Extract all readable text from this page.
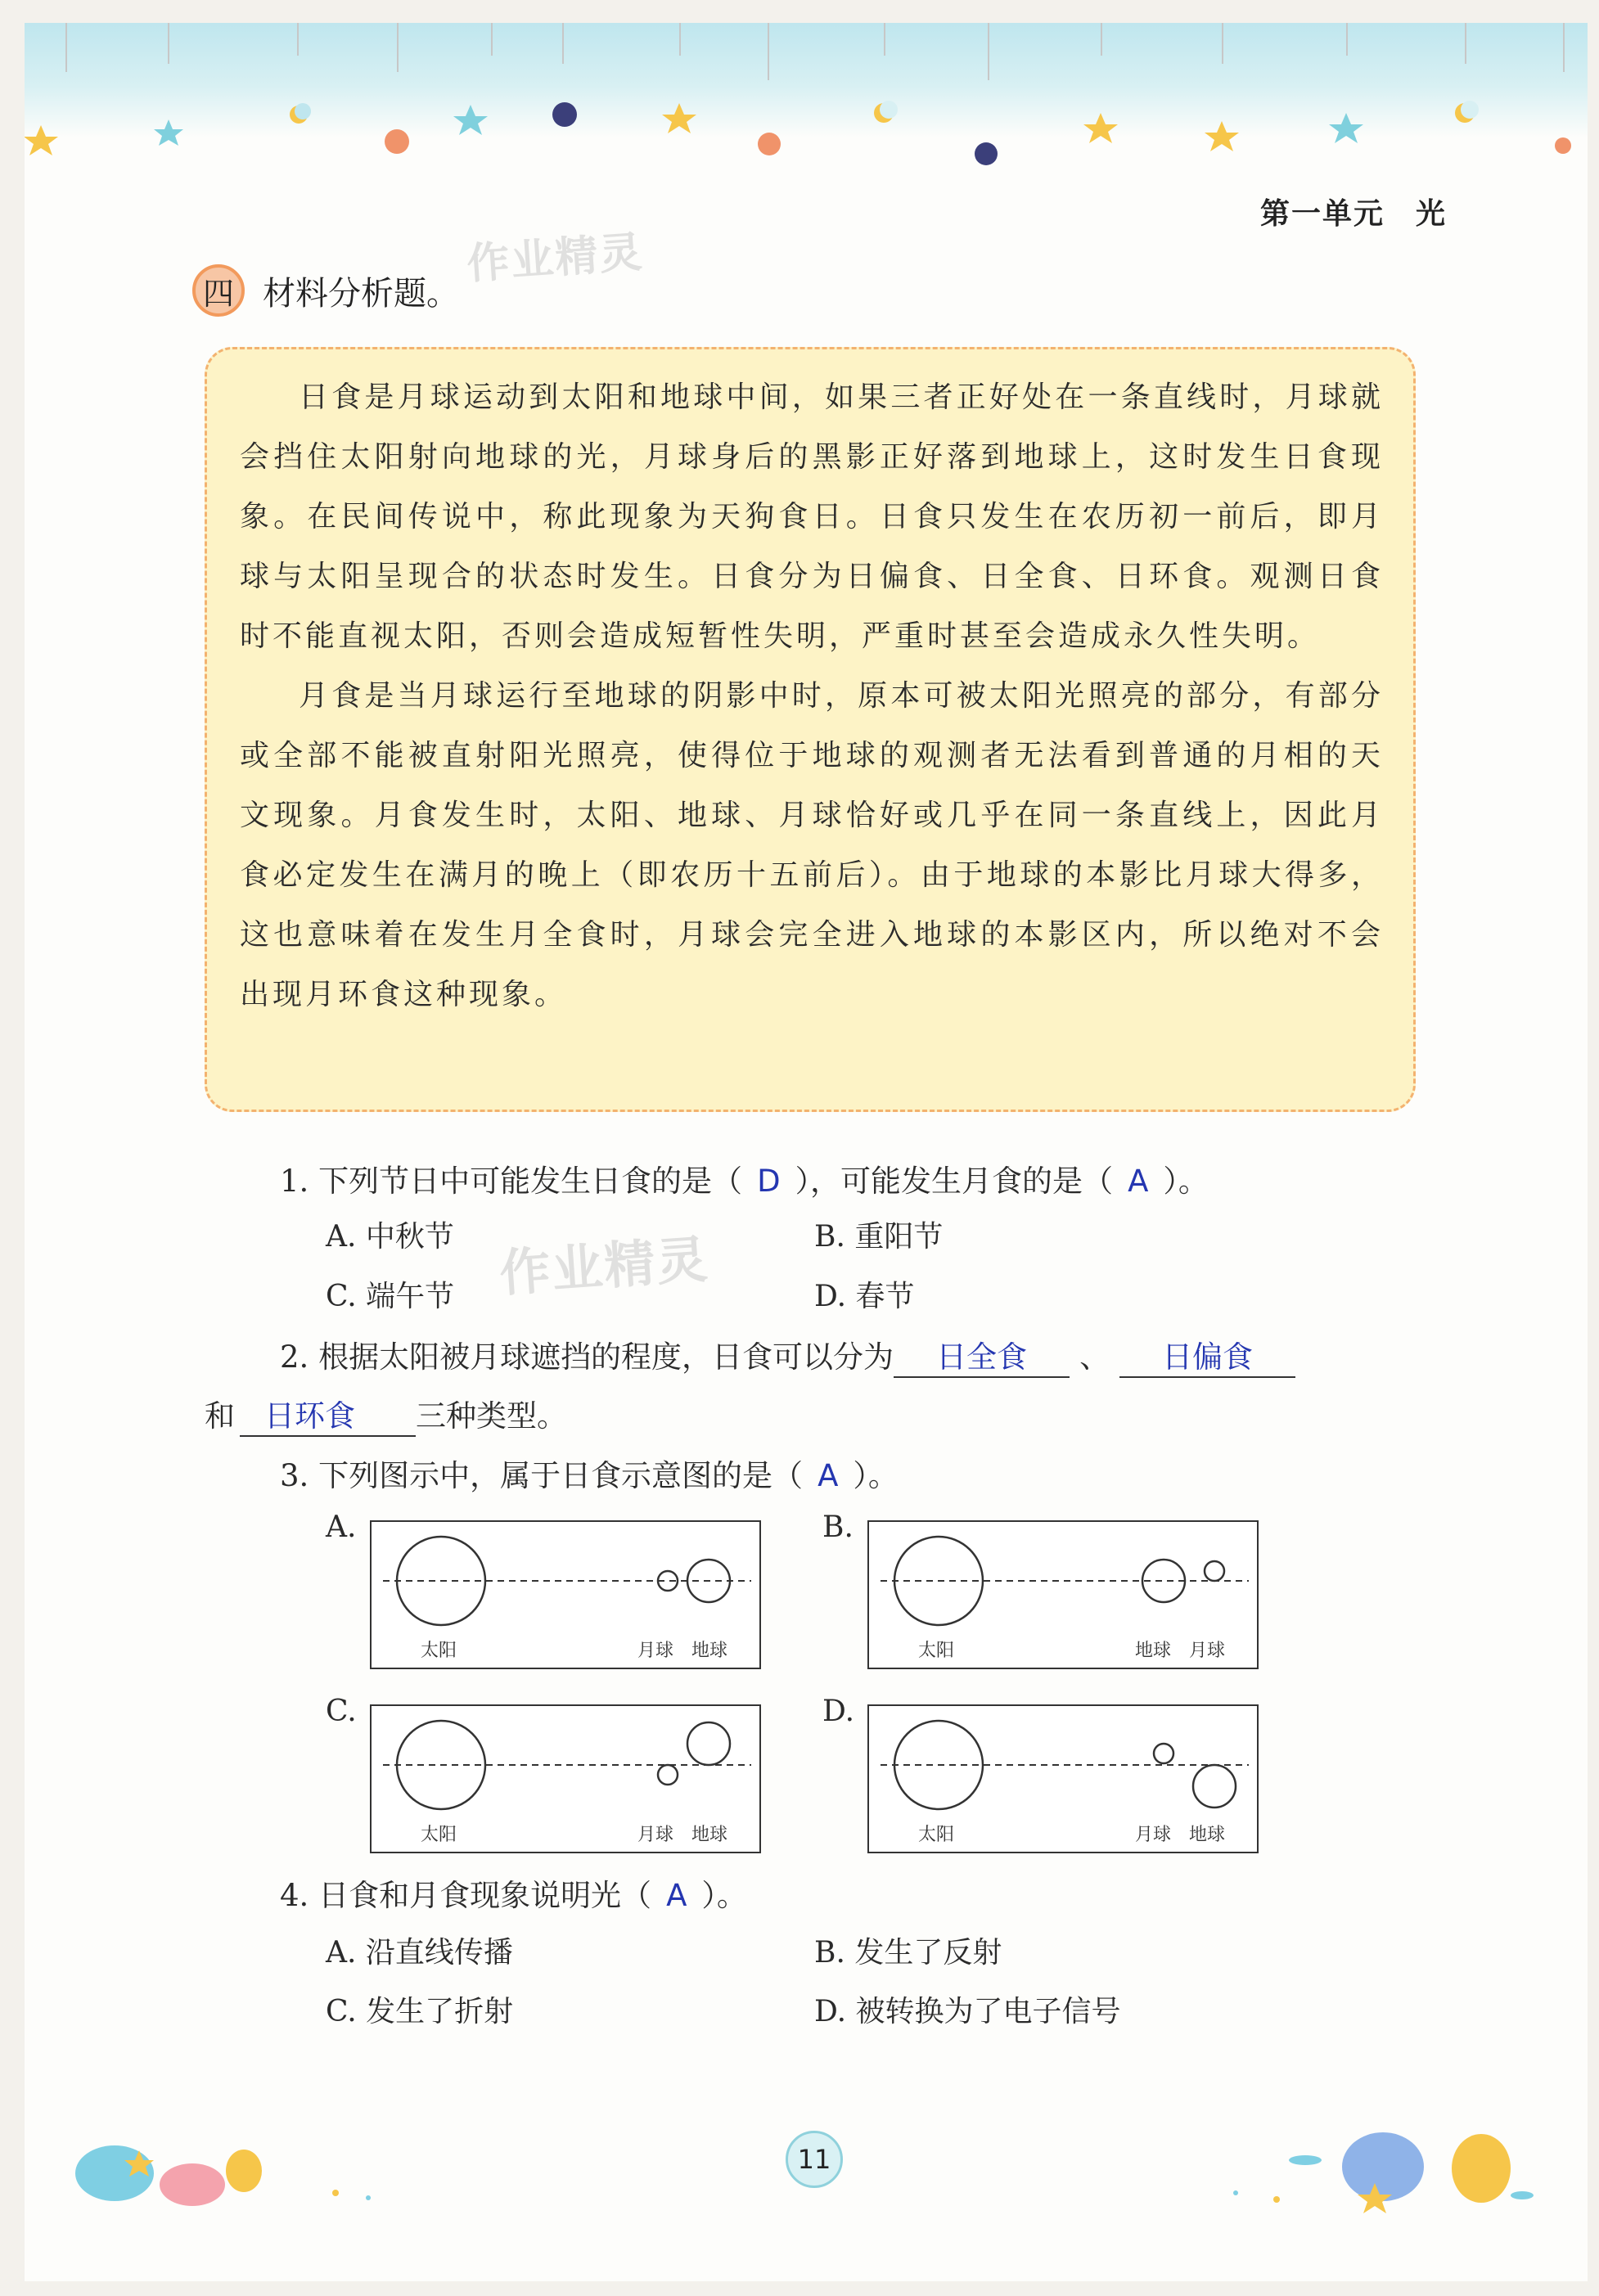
第一单元　光
四 材料分析题。
作业精灵

日食是月球运动到太阳和地球中间，如果三者正好处在一条直线时，月球就会挡住太阳射向地球的光，月球身后的黑影正好落到地球上，这时发生日食现象。在民间传说中，称此现象为天狗食日。日食只发生在农历初一前后，即月球与太阳呈现合的状态时发生。日食分为日偏食、日全食、日环食。观测日食时不能直视太阳，否则会造成短暂性失明，严重时甚至会造成永久性失明。

月食是当月球运行至地球的阴影中时，原本可被太阳光照亮的部分，有部分或全部不能被直射阳光照亮，使得位于地球的观测者无法看到普通的月相的天文现象。月食发生时，太阳、地球、月球恰好或几乎在同一条直线上，因此月食必定发生在满月的晚上（即农历十五前后）。由于地球的本影比月球大得多，这也意味着在发生月全食时，月球会完全进入地球的本影区内，所以绝对不会出现月环食这种现象。

1. 下列节日中可能发生日食的是（ D ），可能发生月食的是（ A ）。
A. 中秋节	B. 重阳节
C. 端午节	D. 春节
作业精灵
2. 根据太阳被月球遮挡的程度，日食可以分为 日全食 、 日偏食
和 日环食 三种类型。
3. 下列图示中，属于日食示意图的是（ A ）。
A.
太阳	月球　地球
B.
太阳	地球　月球
C.
太阳	月球　地球
D.
太阳	月球　地球
4. 日食和月食现象说明光（ A ）。
A. 沿直线传播	B. 发生了反射
C. 发生了折射	D. 被转换为了电子信号
11
